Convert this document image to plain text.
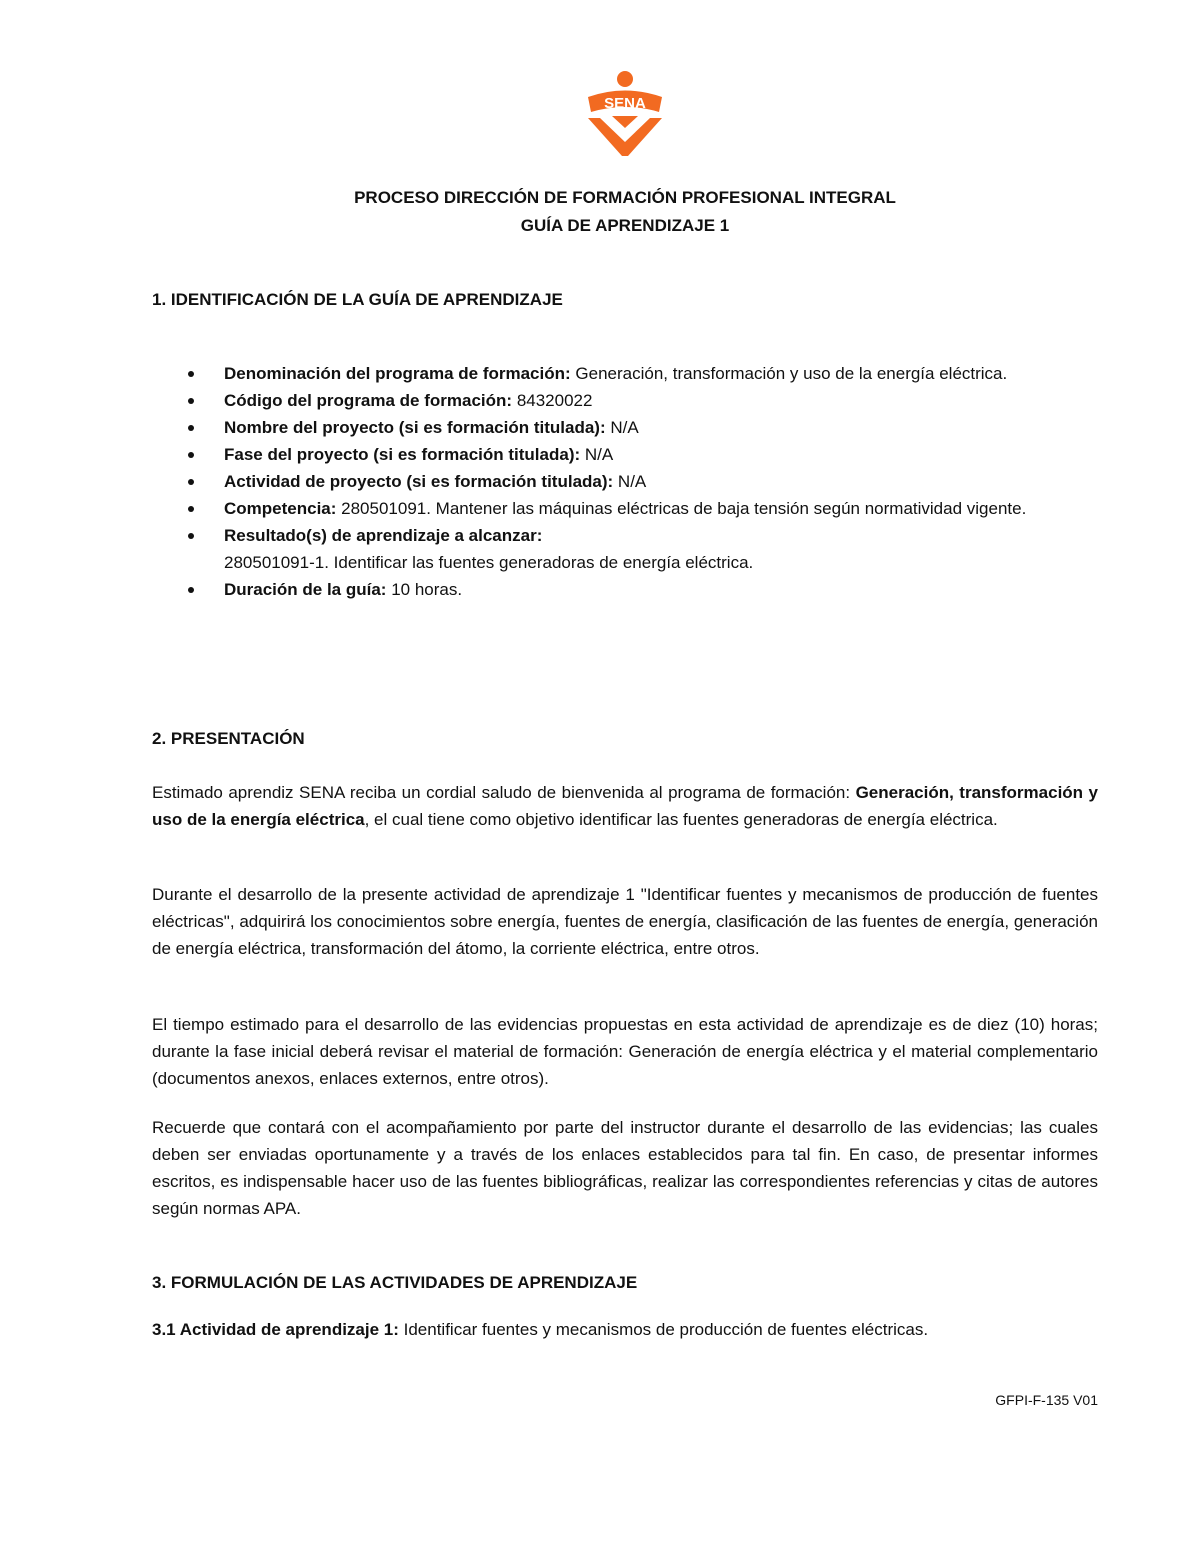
SENA
PROCESO DIRECCIÓN DE FORMACIÓN PROFESIONAL INTEGRAL
GUÍA DE APRENDIZAJE 1
1. IDENTIFICACIÓN DE LA GUÍA DE APRENDIZAJE
Denominación del programa de formación: Generación, transformación y uso de la energía eléctrica.
Código del programa de formación: 84320022
Nombre del proyecto (si es formación titulada): N/A
Fase del proyecto (si es formación titulada): N/A
Actividad de proyecto (si es formación titulada): N/A
Competencia: 280501091. Mantener las máquinas eléctricas de baja tensión según normatividad vigente.
Resultado(s) de aprendizaje a alcanzar:
280501091-1. Identificar las fuentes generadoras de energía eléctrica.
Duración de la guía: 10 horas.
2. PRESENTACIÓN
Estimado aprendiz SENA reciba un cordial saludo de bienvenida al programa de formación: Generación, transformación y uso de la energía eléctrica, el cual tiene como objetivo identificar las fuentes generadoras de energía eléctrica.
Durante el desarrollo de la presente actividad de aprendizaje 1 "Identificar fuentes y mecanismos de producción de fuentes eléctricas", adquirirá los conocimientos sobre energía, fuentes de energía, clasificación de las fuentes de energía, generación de energía eléctrica, transformación del átomo, la corriente eléctrica, entre otros.
El tiempo estimado para el desarrollo de las evidencias propuestas en esta actividad de aprendizaje es de diez (10) horas; durante la fase inicial deberá revisar el material de formación: Generación de energía eléctrica y el material complementario (documentos anexos, enlaces externos, entre otros).
Recuerde que contará con el acompañamiento por parte del instructor durante el desarrollo de las evidencias; las cuales deben ser enviadas oportunamente y a través de los enlaces establecidos para tal fin. En caso, de presentar informes escritos, es indispensable hacer uso de las fuentes bibliográficas, realizar las correspondientes referencias y citas de autores según normas APA.
3. FORMULACIÓN DE LAS ACTIVIDADES DE APRENDIZAJE
3.1 Actividad de aprendizaje 1: Identificar fuentes y mecanismos de producción de fuentes eléctricas.
GFPI-F-135 V01
